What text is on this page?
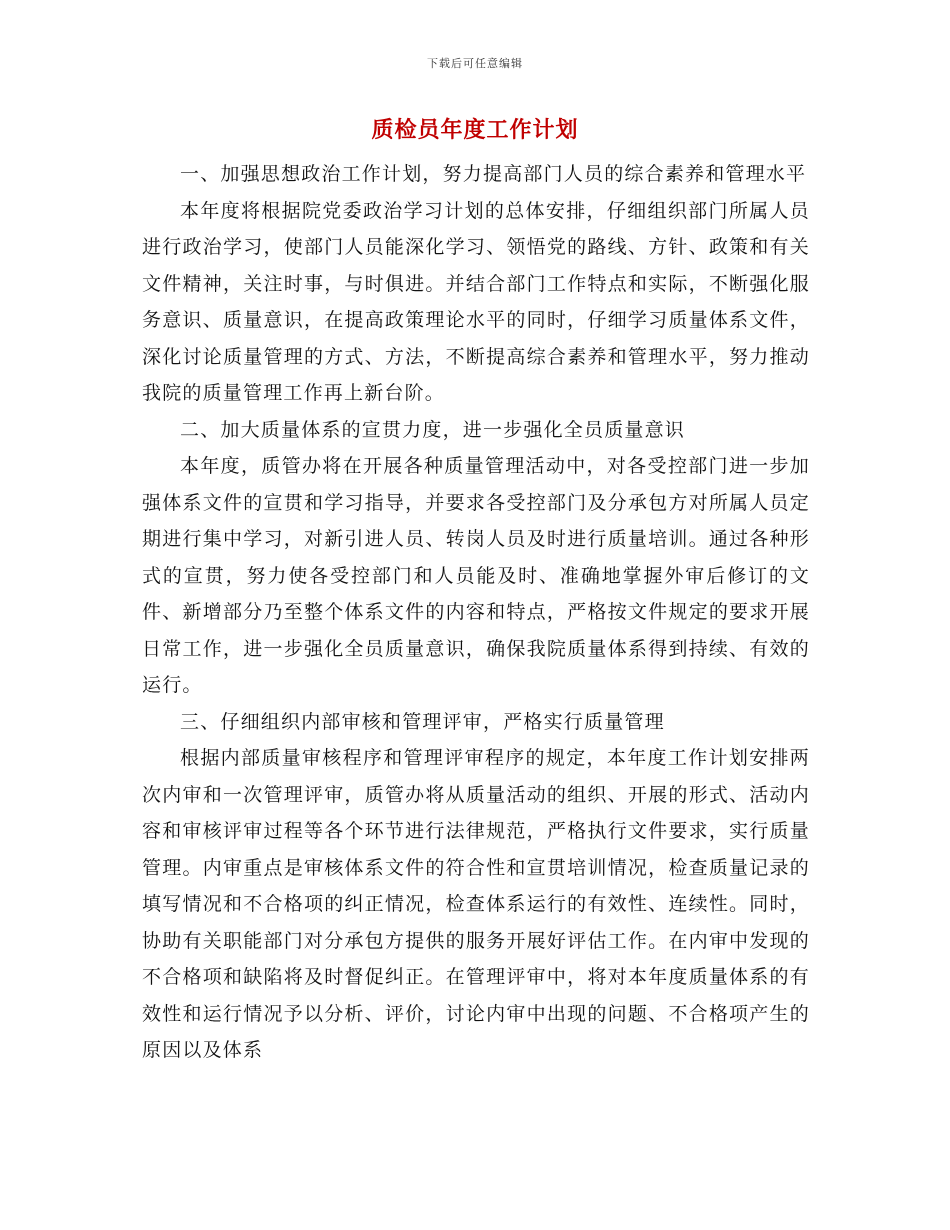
下载后可任意编辑
质检员年度工作计划

一、加强思想政治工作计划，努力提高部门人员的综合素养和管理水平

本年度将根据院党委政治学习计划的总体安排，仔细组织部门所属人员进行政治学习，使部门人员能深化学习、领悟党的路线、方针、政策和有关文件精神，关注时事，与时俱进。并结合部门工作特点和实际，不断强化服务意识、质量意识，在提高政策理论水平的同时，仔细学习质量体系文件，深化讨论质量管理的方式、方法，不断提高综合素养和管理水平，努力推动我院的质量管理工作再上新台阶。

二、加大质量体系的宣贯力度，进一步强化全员质量意识

本年度，质管办将在开展各种质量管理活动中，对各受控部门进一步加强体系文件的宣贯和学习指导，并要求各受控部门及分承包方对所属人员定期进行集中学习，对新引进人员、转岗人员及时进行质量培训。通过各种形式的宣贯，努力使各受控部门和人员能及时、准确地掌握外审后修订的文件、新增部分乃至整个体系文件的内容和特点，严格按文件规定的要求开展日常工作，进一步强化全员质量意识，确保我院质量体系得到持续、有效的运行。

三、仔细组织内部审核和管理评审，严格实行质量管理

根据内部质量审核程序和管理评审程序的规定，本年度工作计划安排两次内审和一次管理评审，质管办将从质量活动的组织、开展的形式、活动内容和审核评审过程等各个环节进行法律规范，严格执行文件要求，实行质量管理。内审重点是审核体系文件的符合性和宣贯培训情况，检查质量记录的填写情况和不合格项的纠正情况，检查体系运行的有效性、连续性。同时，协助有关职能部门对分承包方提供的服务开展好评估工作。在内审中发现的不合格项和缺陷将及时督促纠正。在管理评审中，将对本年度质量体系的有效性和运行情况予以分析、评价，讨论内审中出现的问题、不合格项产生的原因以及体系
